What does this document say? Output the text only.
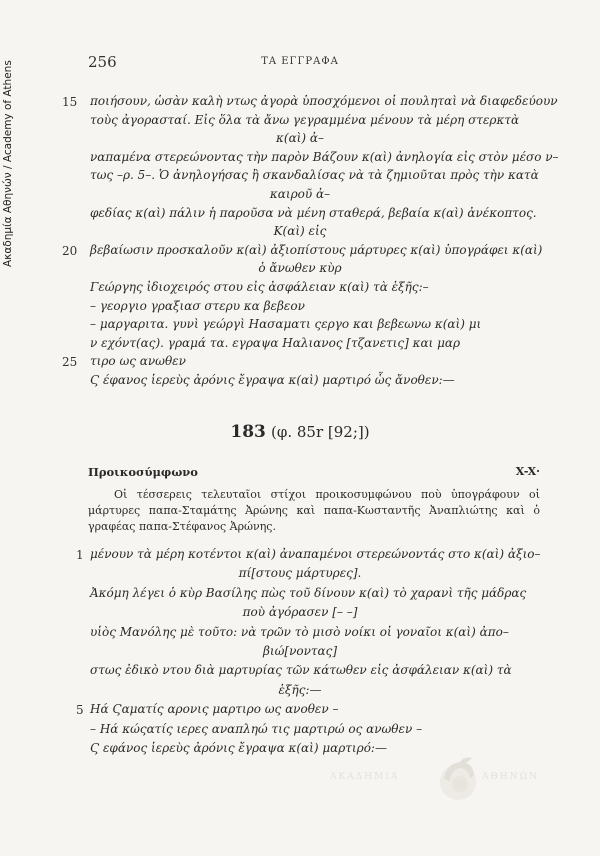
Ακαδημία Αθηνών / Academy of Athens	256	ΤΑ ΕΓΓΡΑΦΑ
15 ποιήσουν, ὡσὰν καλὴ ντως ἀγορὰ ὑποσχόμενοι οἱ πουληταὶ νὰ διαφεδεύουν
τοὺς ἀγορασταί. Εἰς ὅλα τὰ ἄνω γεγραμμένα μένουν τὰ μέρη στερκτὰ
κ(αὶ) ἀ–
ναπαμένα στερεώνοντας τὴν παρὸν Βάζουν κ(αὶ) ἀνηλογία εἰς στὸν μέσο ν–
τως –ρ. 5–. Ὁ ἀνηλογήσας ἢ σκανδαλίσας νὰ τὰ ζημιοῦται πρὸς τὴν κατὰ
καιροῦ ἀ–
φεδίας κ(αὶ) πάλιν ἡ παροῦσα νὰ μένη σταθερά, βεβαία κ(αὶ) ἀνέκοπτος.
Κ(αὶ) εἰς
20 βεβαίωσιν προσκαλοῦν κ(αὶ) ἀξιοπίστους μάρτυρες κ(αὶ) ὑπογράφει κ(αὶ)
ὁ ἄνωθεν κὺρ
Γεώργης ἰδιοχειρός στου εἰς ἀσφάλειαν κ(αὶ) τὰ ἑξῆς:–
– γεοργιο γραξιασ στερυ κα βεβεον
– μαργαριτα. γυνὶ γεώργὶ Ηασαματι ςεργο και βεβεωνω κ(αὶ) μι
ν εχόντ(ας). γραμά τα. εγραψα Ηαλιανος [τζανετις] και μαρ
25 τιρο ως ανωθεν
Ϛ έφανος ἱερεὺς ἀρόνις ἔγραψα κ(αὶ) μαρτιρό ὧς ἄνοθεν:—
183 (φ. 85r [92;])
Προικοσύμφωνο	X-X·
Οἱ τέσσερεις τελευταῖοι στίχοι προικοσυμφώνου ποὺ ὑπογράφουν οἱ μάρτυρες παπα-Σταμάτης Ἀρώνης καὶ παπα-Κωσταντῆς Ἀναπλιώτης καὶ ὁ γραφέας παπα-Στέφανος Ἀρώνης.
1 μένουν τὰ μέρη κοτέντοι κ(αὶ) ἀναπαμένοι στερεώνοντάς στο κ(αὶ) ἀξιο–
πί[στους μάρτυρες].
Ἀκόμη λέγει ὁ κὺρ Βασίλης πὼς τοῦ δίνουν κ(αὶ) τὸ χαρανὶ τῆς μάδρας
ποὺ ἀγόρασεν [– –]
υἱὸς Μανόλης μὲ τοῦτο: νὰ τρῶν τὸ μισὸ νοίκι οἱ γοναῖοι κ(αὶ) ἀπο–
βιώ[νοντας]
στως ἐδικὸ ντου διὰ μαρτυρίας τῶν κάτωθεν εἰς ἀσφάλειαν κ(αὶ) τὰ
ἑξῆς:—
5 Ηά Ϛαματίς αρονις μαρτιρο ως ανοθεν –
– Ηά κώςατίς ιερες αναπληώ τις μαρτιρώ ος ανωθεν –
Ϛ εφάνος ἱερεὺς ἀρόνις ἔγραψα κ(αὶ) μαρτιρό:—
ΑΚΑΔΗΜΙΑ	ΑΘΗΝΩΝ
